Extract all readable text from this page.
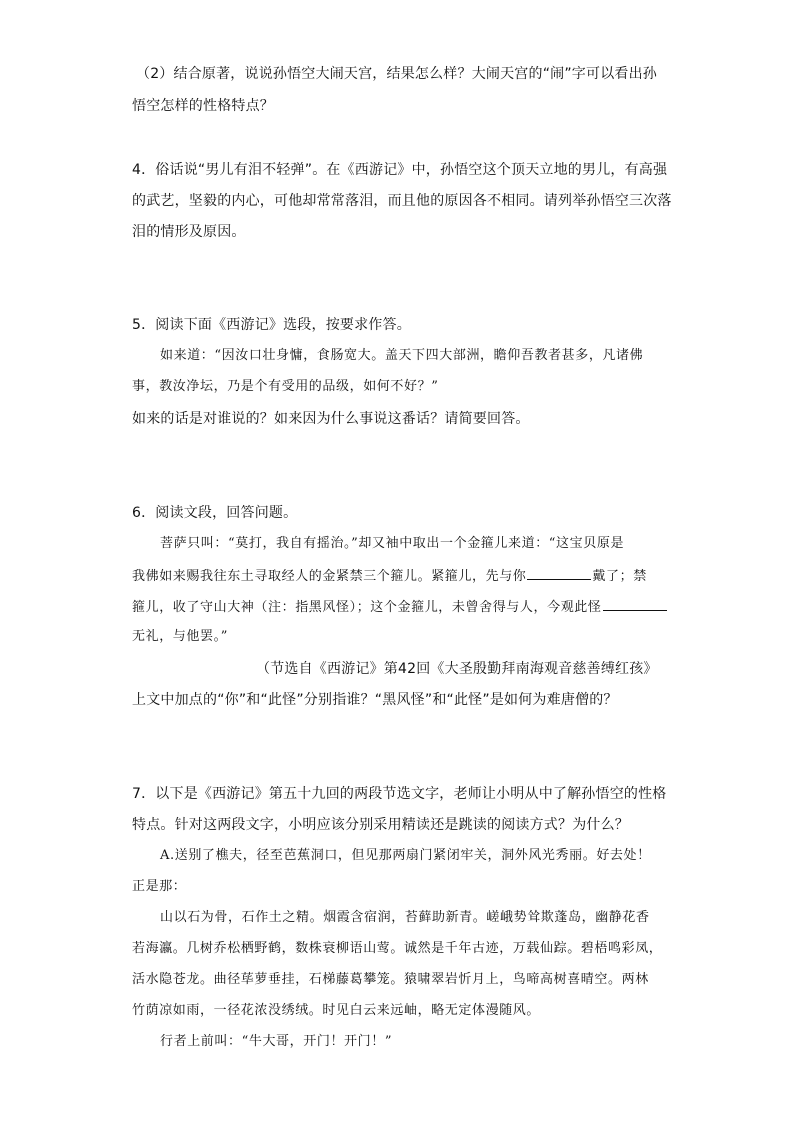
（2）结合原著，说说孙悟空大闹天宫，结果怎么样？大闹天宫的“闹”字可以看出孙
悟空怎样的性格特点？
4．俗话说“男儿有泪不轻弹”。在《西游记》中，孙悟空这个顶天立地的男儿，有高强
的武艺，坚毅的内心，可他却常常落泪，而且他的原因各不相同。请列举孙悟空三次落
泪的情形及原因。
5．阅读下面《西游记》选段，按要求作答。
如来道：“因汝口壮身慵，食肠宽大。盖天下四大部洲，瞻仰吾教者甚多，凡诸佛
事，教汝净坛，乃是个有受用的品级，如何不好？”
如来的话是对谁说的？如来因为什么事说这番话？请简要回答。
6．阅读文段，回答问题。
菩萨只叫：“莫打，我自有摇治。”却又袖中取出一个金箍儿来道：“这宝贝原是
我佛如来赐我往东土寻取经人的金紧禁三个箍儿。紧箍儿，先与你	戴了；禁
箍儿，收了守山大神（注：指黑风怪）；这个金箍儿，未曾舍得与人，今观此怪
无礼，与他罢。”
（节选自《西游记》第42回《大圣殷勤拜南海观音慈善缚红孩》
上文中加点的“你”和“此怪”分别指谁？“黑风怪”和“此怪”是如何为难唐僧的？
7．以下是《西游记》第五十九回的两段节选文字，老师让小明从中了解孙悟空的性格
特点。针对这两段文字，小明应该分别采用精读还是跳读的阅读方式？为什么？
A.送别了樵夫，径至芭蕉洞口，但见那两扇门紧闭牢关，洞外风光秀丽。好去处！
正是那：
山以石为骨，石作土之精。烟霞含宿润，苔藓助新青。嵯峨势耸欺蓬岛，幽静花香
若海瀛。几树乔松栖野鹤，数株衰柳语山莺。诚然是千年古迹，万载仙踪。碧梧鸣彩凤，
活水隐苍龙。曲径荜萝垂挂，石梯藤葛攀笼。猿啸翠岩忻月上，鸟啼高树喜晴空。两林
竹荫凉如雨，一径花浓没绣绒。时见白云来远岫，略无定体漫随风。
行者上前叫：“牛大哥，开门！开门！”
